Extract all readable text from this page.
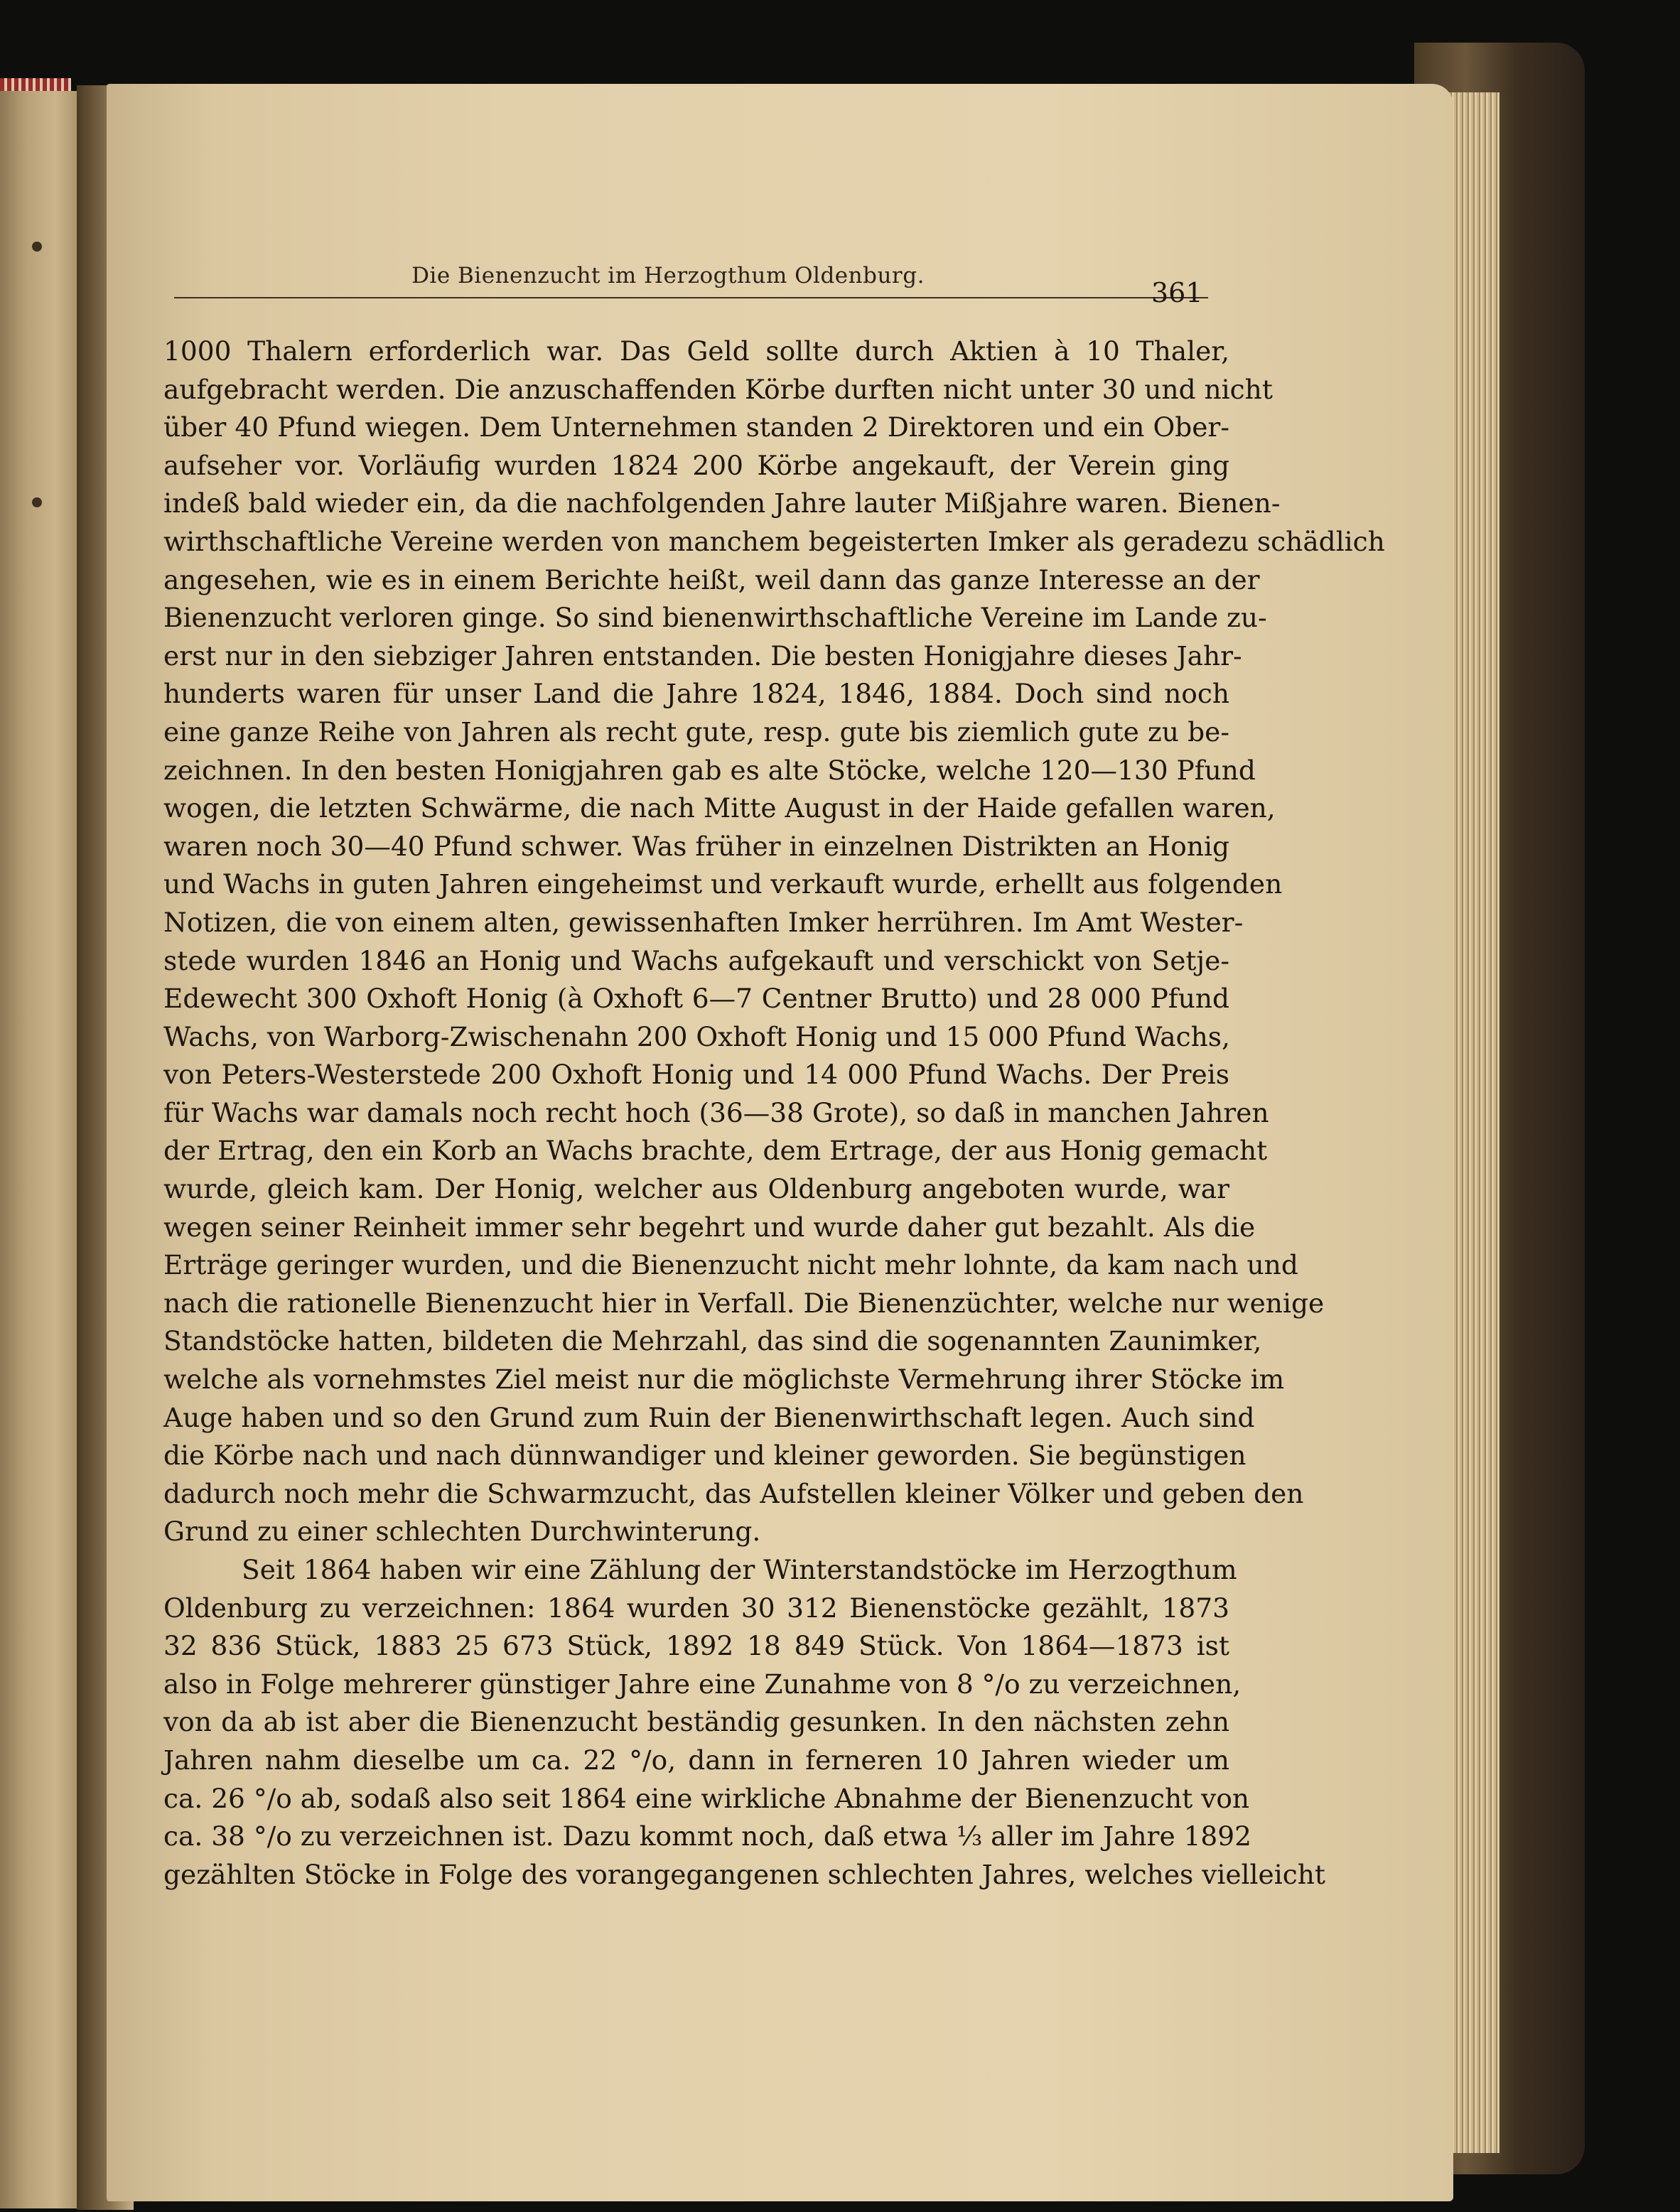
Die Bienenzucht im Herzogthum Oldenburg.
361
1000 Thalern erforderlich war. Das Geld sollte durch Aktien à 10 Thaler,
aufgebracht werden. Die anzuschaffenden Körbe durften nicht unter 30 und nicht
über 40 Pfund wiegen. Dem Unternehmen standen 2 Direktoren und ein Ober-
aufseher vor. Vorläufig wurden 1824 200 Körbe angekauft, der Verein ging
indeß bald wieder ein, da die nachfolgenden Jahre lauter Mißjahre waren. Bienen-
wirthschaftliche Vereine werden von manchem begeisterten Imker als geradezu schädlich
angesehen, wie es in einem Berichte heißt, weil dann das ganze Interesse an der
Bienenzucht verloren ginge. So sind bienenwirthschaftliche Vereine im Lande zu-
erst nur in den siebziger Jahren entstanden. Die besten Honigjahre dieses Jahr-
hunderts waren für unser Land die Jahre 1824, 1846, 1884. Doch sind noch
eine ganze Reihe von Jahren als recht gute, resp. gute bis ziemlich gute zu be-
zeichnen. In den besten Honigjahren gab es alte Stöcke, welche 120—130 Pfund
wogen, die letzten Schwärme, die nach Mitte August in der Haide gefallen waren,
waren noch 30—40 Pfund schwer. Was früher in einzelnen Distrikten an Honig
und Wachs in guten Jahren eingeheimst und verkauft wurde, erhellt aus folgenden
Notizen, die von einem alten, gewissenhaften Imker herrühren. Im Amt Wester-
stede wurden 1846 an Honig und Wachs aufgekauft und verschickt von Setje-
Edewecht 300 Oxhoft Honig (à Oxhoft 6—7 Centner Brutto) und 28 000 Pfund
Wachs, von Warborg-Zwischenahn 200 Oxhoft Honig und 15 000 Pfund Wachs,
von Peters-Westerstede 200 Oxhoft Honig und 14 000 Pfund Wachs. Der Preis
für Wachs war damals noch recht hoch (36—38 Grote), so daß in manchen Jahren
der Ertrag, den ein Korb an Wachs brachte, dem Ertrage, der aus Honig gemacht
wurde, gleich kam. Der Honig, welcher aus Oldenburg angeboten wurde, war
wegen seiner Reinheit immer sehr begehrt und wurde daher gut bezahlt. Als die
Erträge geringer wurden, und die Bienenzucht nicht mehr lohnte, da kam nach und
nach die rationelle Bienenzucht hier in Verfall. Die Bienenzüchter, welche nur wenige
Standstöcke hatten, bildeten die Mehrzahl, das sind die sogenannten Zaunimker,
welche als vornehmstes Ziel meist nur die möglichste Vermehrung ihrer Stöcke im
Auge haben und so den Grund zum Ruin der Bienenwirthschaft legen. Auch sind
die Körbe nach und nach dünnwandiger und kleiner geworden. Sie begünstigen
dadurch noch mehr die Schwarmzucht, das Aufstellen kleiner Völker und geben den
Grund zu einer schlechten Durchwinterung.
Seit 1864 haben wir eine Zählung der Winterstandstöcke im Herzogthum
Oldenburg zu verzeichnen: 1864 wurden 30 312 Bienenstöcke gezählt, 1873
32 836 Stück, 1883 25 673 Stück, 1892 18 849 Stück. Von 1864—1873 ist
also in Folge mehrerer günstiger Jahre eine Zunahme von 8 °/o zu verzeichnen,
von da ab ist aber die Bienenzucht beständig gesunken. In den nächsten zehn
Jahren nahm dieselbe um ca. 22 °/o, dann in ferneren 10 Jahren wieder um
ca. 26 °/o ab, sodaß also seit 1864 eine wirkliche Abnahme der Bienenzucht von
ca. 38 °/o zu verzeichnen ist. Dazu kommt noch, daß etwa ⅓ aller im Jahre 1892
gezählten Stöcke in Folge des vorangegangenen schlechten Jahres, welches vielleicht
